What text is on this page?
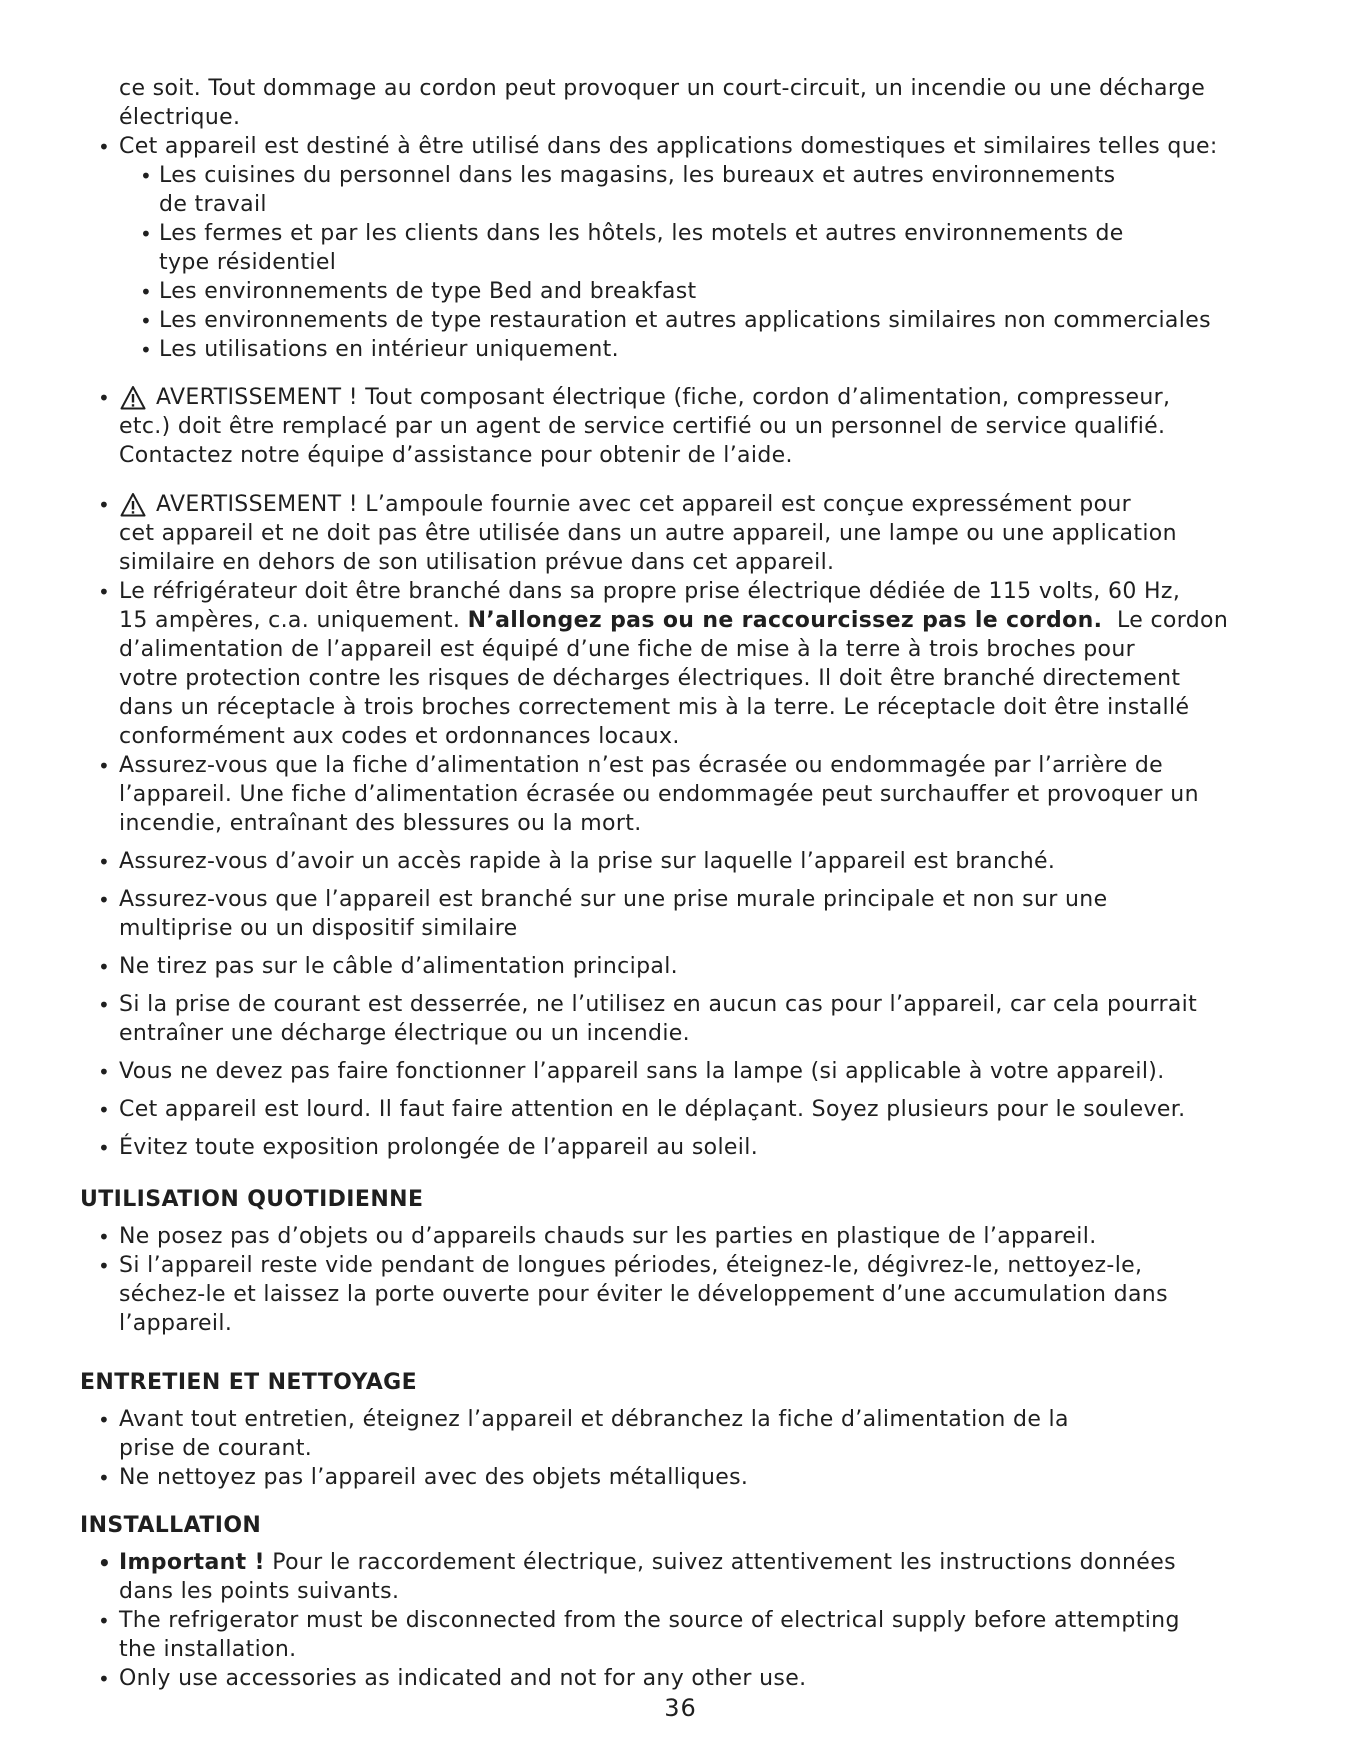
ce soit. Tout dommage au cordon peut provoquer un court-circuit, un incendie ou une décharge
électrique.
• Cet appareil est destiné à être utilisé dans des applications domestiques et similaires telles que:
• Les cuisines du personnel dans les magasins, les bureaux et autres environnements
de travail
• Les fermes et par les clients dans les hôtels, les motels et autres environnements de
type résidentiel
• Les environnements de type Bed and breakfast
• Les environnements de type restauration et autres applications similaires non commerciales
• Les utilisations en intérieur uniquement.
• AVERTISSEMENT ! Tout composant électrique (fiche, cordon d’alimentation, compresseur,
etc.) doit être remplacé par un agent de service certifié ou un personnel de service qualifié.
Contactez notre équipe d’assistance pour obtenir de l’aide.
• AVERTISSEMENT ! L’ampoule fournie avec cet appareil est conçue expressément pour
cet appareil et ne doit pas être utilisée dans un autre appareil, une lampe ou une application
similaire en dehors de son utilisation prévue dans cet appareil.
• Le réfrigérateur doit être branché dans sa propre prise électrique dédiée de 115 volts, 60 Hz,
15 ampères, c.a. uniquement. N’allongez pas ou ne raccourcissez pas le cordon.  Le cordon
d’alimentation de l’appareil est équipé d’une fiche de mise à la terre à trois broches pour
votre protection contre les risques de décharges électriques. Il doit être branché directement
dans un réceptacle à trois broches correctement mis à la terre. Le réceptacle doit être installé
conformément aux codes et ordonnances locaux.
• Assurez-vous que la fiche d’alimentation n’est pas écrasée ou endommagée par l’arrière de
l’appareil. Une fiche d’alimentation écrasée ou endommagée peut surchauffer et provoquer un
incendie, entraînant des blessures ou la mort.
• Assurez-vous d’avoir un accès rapide à la prise sur laquelle l’appareil est branché.
• Assurez-vous que l’appareil est branché sur une prise murale principale et non sur une
multiprise ou un dispositif similaire
• Ne tirez pas sur le câble d’alimentation principal.
• Si la prise de courant est desserrée, ne l’utilisez en aucun cas pour l’appareil, car cela pourrait
entraîner une décharge électrique ou un incendie.
• Vous ne devez pas faire fonctionner l’appareil sans la lampe (si applicable à votre appareil).
• Cet appareil est lourd. Il faut faire attention en le déplaçant. Soyez plusieurs pour le soulever.
• Évitez toute exposition prolongée de l’appareil au soleil.
UTILISATION QUOTIDIENNE
• Ne posez pas d’objets ou d’appareils chauds sur les parties en plastique de l’appareil.
• Si l’appareil reste vide pendant de longues périodes, éteignez-le, dégivrez-le, nettoyez-le,
séchez-le et laissez la porte ouverte pour éviter le développement d’une accumulation dans
l’appareil.
ENTRETIEN ET NETTOYAGE
• Avant tout entretien, éteignez l’appareil et débranchez la fiche d’alimentation de la
prise de courant.
• Ne nettoyez pas l’appareil avec des objets métalliques.
INSTALLATION
• Important ! Pour le raccordement électrique, suivez attentivement les instructions données
dans les points suivants.
• The refrigerator must be disconnected from the source of electrical supply before attempting
the installation.
• Only use accessories as indicated and not for any other use.
36
